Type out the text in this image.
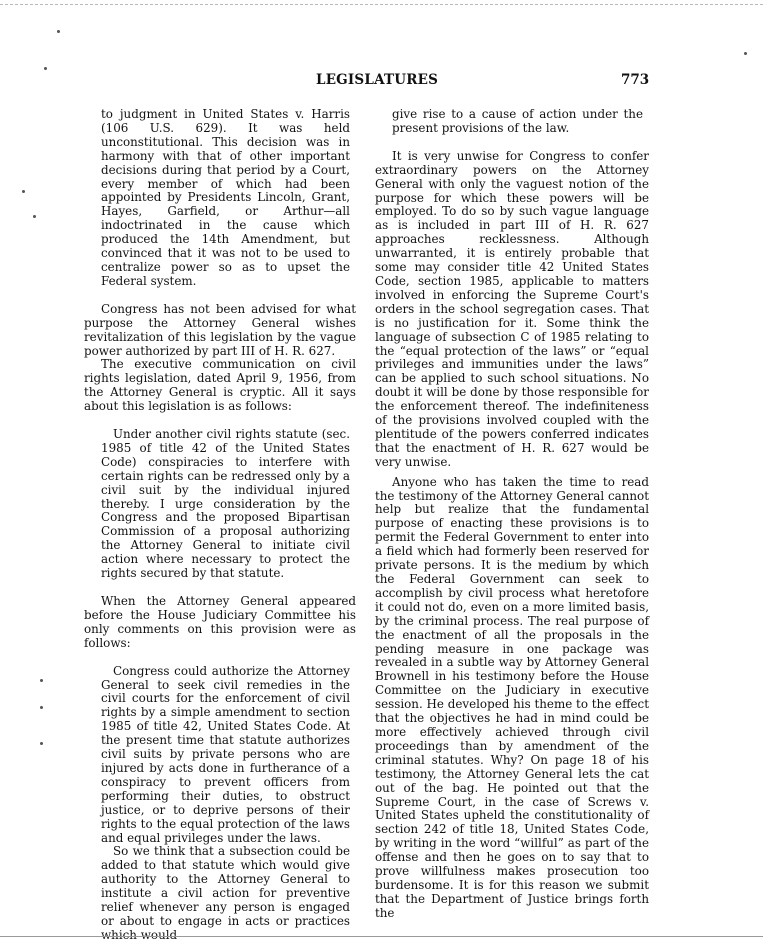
LEGISLATURES	773

to judgment in United States v. Harris (106 U.S. 629). It was held unconstitutional. This decision was in harmony with that of other important decisions during that period by a Court, every member of which had been appointed by Presidents Lincoln, Grant, Hayes, Garfield, or Arthur—all indoctrinated in the cause which produced the 14th Amendment, but convinced that it was not to be used to centralize power so as to upset the Federal system.

Congress has not been advised for what purpose the Attorney General wishes revitalization of this legislation by the vague power authorized by part III of H. R. 627.

The executive communication on civil rights legislation, dated April 9, 1956, from the Attorney General is cryptic. All it says about this legislation is as follows:

Under another civil rights statute (sec. 1985 of title 42 of the United States Code) conspiracies to interfere with certain rights can be redressed only by a civil suit by the individual injured thereby. I urge consideration by the Congress and the proposed Bipartisan Commission of a proposal authorizing the Attorney General to initiate civil action where necessary to protect the rights secured by that statute.

When the Attorney General appeared before the House Judiciary Committee his only comments on this provision were as follows:

Congress could authorize the Attorney General to seek civil remedies in the civil courts for the enforcement of civil rights by a simple amendment to section 1985 of title 42, United States Code. At the present time that statute authorizes civil suits by private persons who are injured by acts done in furtherance of a conspiracy to prevent officers from performing their duties, to obstruct justice, or to deprive persons of their rights to the equal protection of the laws and equal privileges under the laws.

So we think that a subsection could be added to that statute which would give authority to the Attorney General to institute a civil action for preventive relief whenever any person is engaged or about to engage in acts or practices which would

give rise to a cause of action under the present provisions of the law.

It is very unwise for Congress to confer extraordinary powers on the Attorney General with only the vaguest notion of the purpose for which these powers will be employed. To do so by such vague language as is included in part III of H. R. 627 approaches recklessness. Although unwarranted, it is entirely probable that some may consider title 42 United States Code, section 1985, applicable to matters involved in enforcing the Supreme Court's orders in the school segregation cases. That is no justification for it. Some think the language of subsection C of 1985 relating to the “equal protection of the laws” or “equal privileges and immunities under the laws” can be applied to such school situations. No doubt it will be done by those responsible for the enforcement thereof. The indefiniteness of the provisions involved coupled with the plentitude of the powers conferred indicates that the enactment of H. R. 627 would be very unwise.

Anyone who has taken the time to read the testimony of the Attorney General cannot help but realize that the fundamental purpose of enacting these provisions is to permit the Federal Government to enter into a field which had formerly been reserved for private persons. It is the medium by which the Federal Government can seek to accomplish by civil process what heretofore it could not do, even on a more limited basis, by the criminal process. The real purpose of the enactment of all the proposals in the pending measure in one package was revealed in a subtle way by Attorney General Brownell in his testimony before the House Committee on the Judiciary in executive session. He developed his theme to the effect that the objectives he had in mind could be more effectively achieved through civil proceedings than by amendment of the criminal statutes. Why? On page 18 of his testimony, the Attorney General lets the cat out of the bag. He pointed out that the Supreme Court, in the case of Screws v. United States upheld the constitutionality of section 242 of title 18, United States Code, by writing in the word “willful” as part of the offense and then he goes on to say that to prove willfulness makes prosecution too burdensome. It is for this reason we submit that the Department of Justice brings forth the
